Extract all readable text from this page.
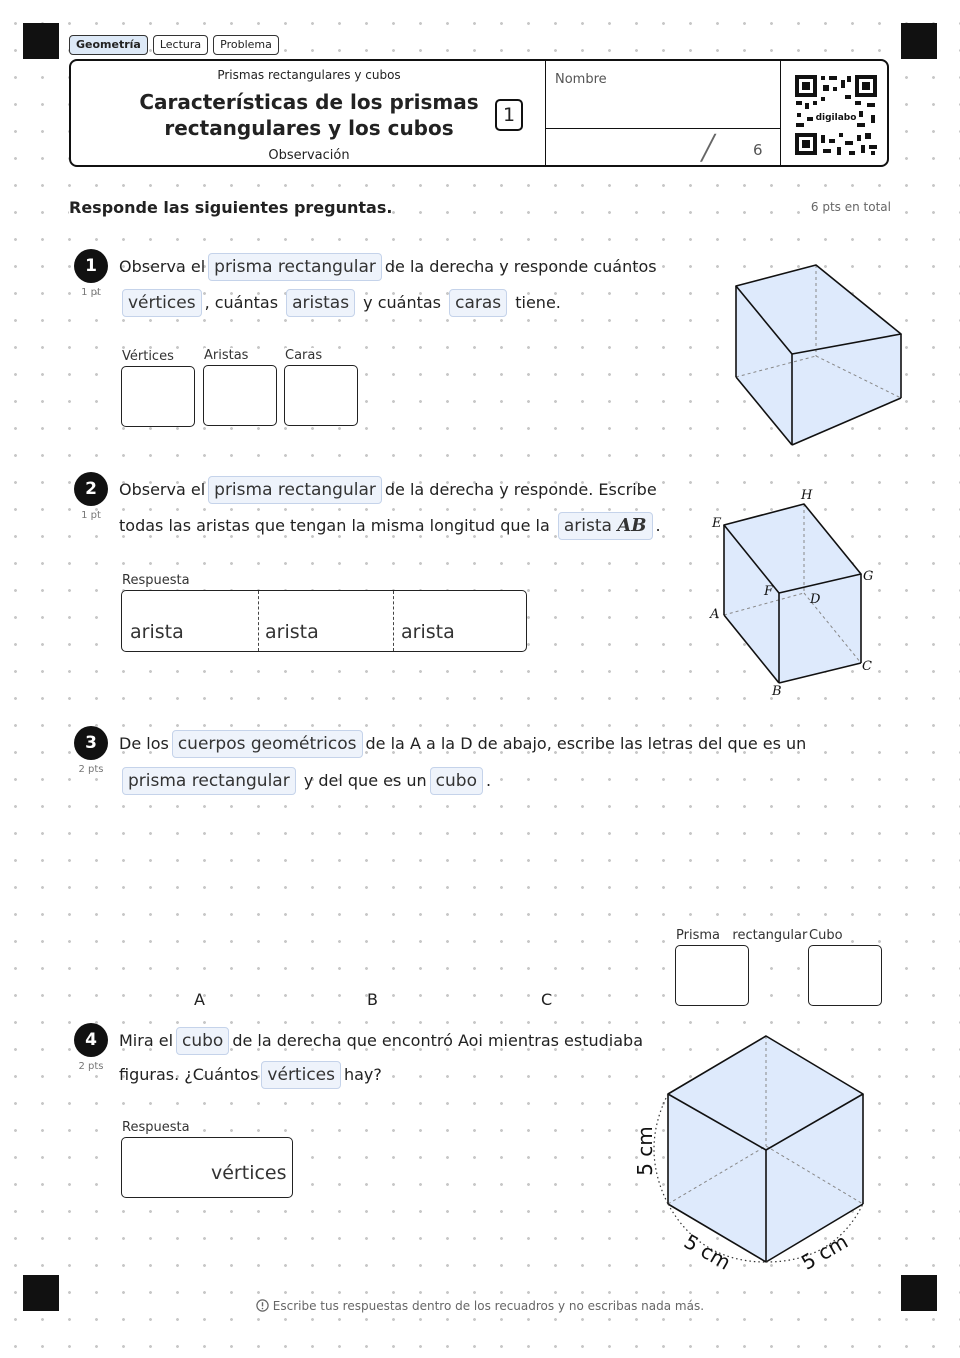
Geometría	Lectura	Problema
Prismas rectangulares y cubos
Características de los prismas
rectangulares y los cubos
Observación
1
Nombre
╱	6
digilabo
Responde las siguientes preguntas.	6 pts en total
1
1 pt
Observa el prisma rectangular de la derecha y responde cuántos
vértices , cuántas aristas y cuántas caras tiene.
Vértices Aristas	Caras
2
1 pt
Observa el prisma rectangular de la derecha y responde. Escribe
todas las aristas que tengan la misma longitud que la arista AB .
Respuesta
arista	arista	arista
E
H
G
F
D
A
C
B
3
2 pts
De los cuerpos geométricos de la A a la D de abajo, escribe las letras del que es un
prisma rectangular y del que es un cubo .
Prisma rectangular Cubo
A	B	C
4
2 pts
Mira el cubo de la derecha que encontró Aoi mientras estudiaba
figuras. ¿Cuántos vértices hay?
Respuesta
vértices	5 cm
5 cm	5 cm
Escribe tus respuestas dentro de los recuadros y no escribas nada más.
